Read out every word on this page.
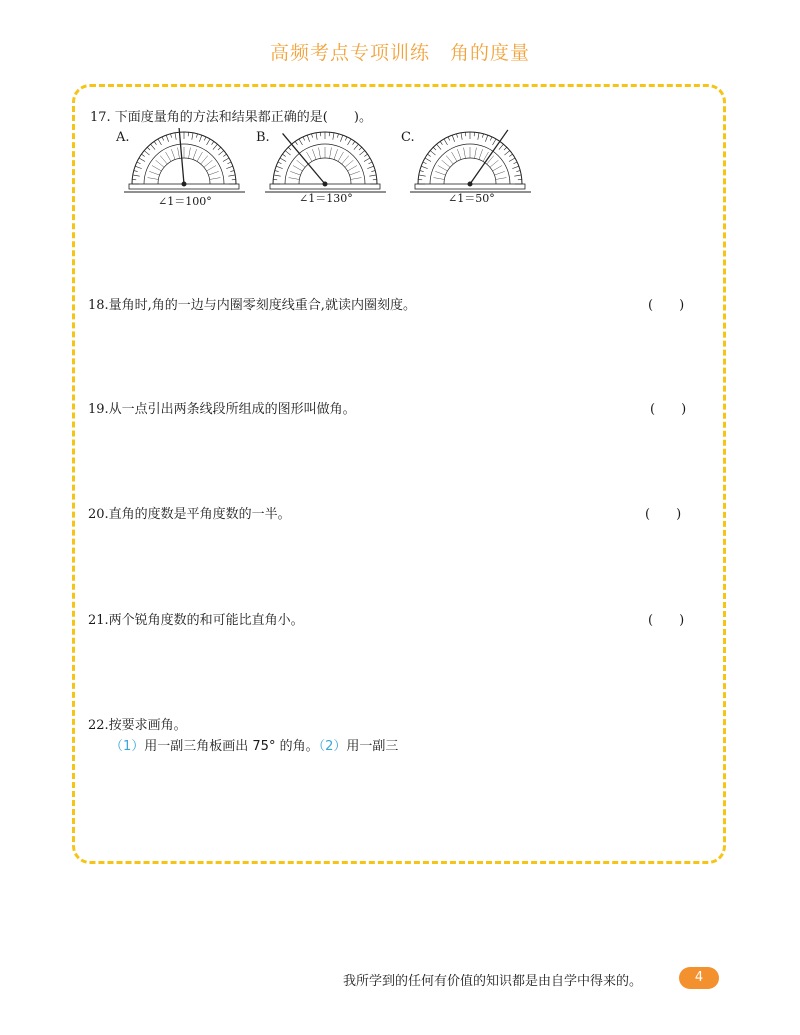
高频考点专项训练　角的度量
17. 下面度量角的方法和结果都正确的是(　　)。
A.	B.	C.
∠1＝100°	∠1＝130°	∠1＝50°
18.量角时,角的一边与内圈零刻度线重合,就读内圈刻度。	(　　)
19.从一点引出两条线段所组成的图形叫做角。	(　　)
20.直角的度数是平角度数的一半。	(　　)
21.两个锐角度数的和可能比直角小。	(　　)
22.按要求画角。
（1）用一副三角板画出 75° 的角。（2）用一副三
我所学到的任何有价值的知识都是由自学中得来的。	4
